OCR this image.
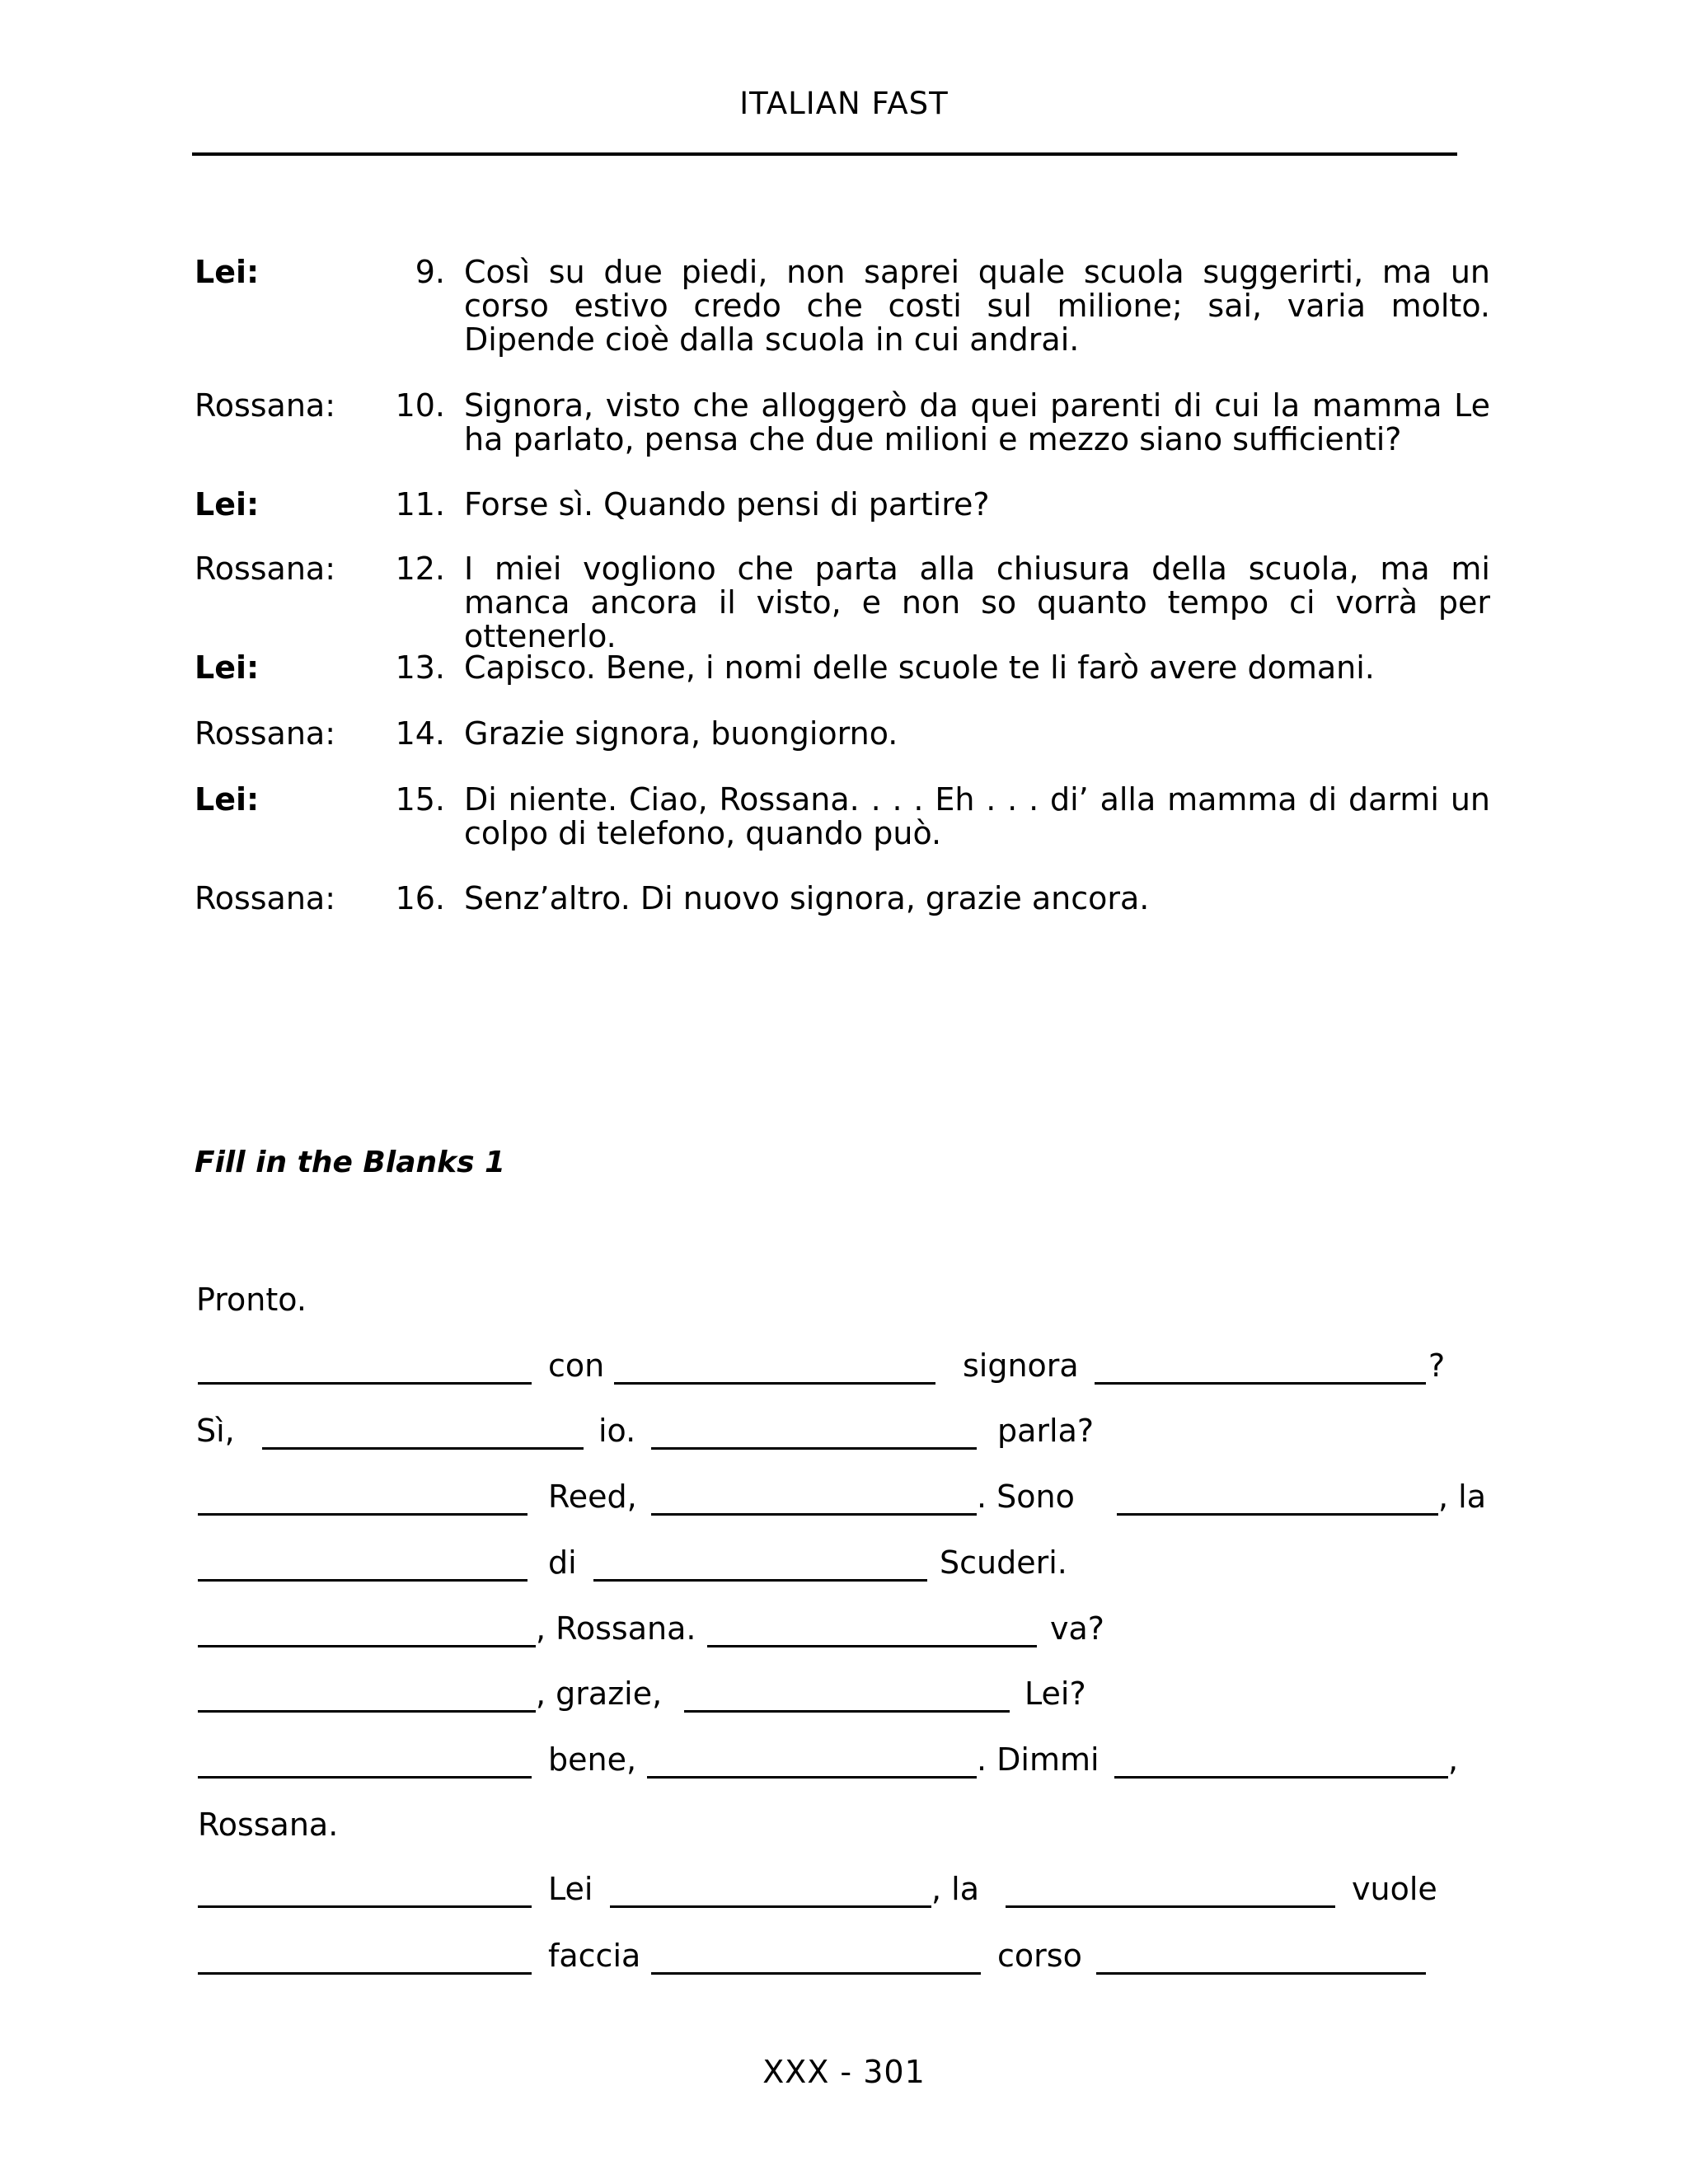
ITALIAN FAST
Lei:	9. Così su due piedi, non saprei quale scuola suggerirti, ma un corso estivo credo che costi sul milione; sai, varia molto. Dipende cioè dalla scuola in cui andrai.
Rossana:	10. Signora, visto che alloggerò da quei parenti di cui la mamma Le ha parlato, pensa che due milioni e mezzo siano sufficienti?
Lei:	11. Forse sì. Quando pensi di partire?
Rossana:	12. I miei vogliono che parta alla chiusura della scuola, ma mi manca ancora il visto, e non so quanto tempo ci vorrà per ottenerlo.
Lei:	13. Capisco. Bene, i nomi delle scuole te li farò avere domani.
Rossana:	14. Grazie signora, buongiorno.
Lei:	15. Di niente. Ciao, Rossana. . . . Eh . . . di’ alla mamma di darmi un colpo di telefono, quando può.
Rossana:	16. Senz’altro. Di nuovo signora, grazie ancora.
Fill in the Blanks 1
Pronto.
con	signora	?
Sì,	io.	parla?
Reed,	. Sono	, la
di	Scuderi.
, Rossana.	va?
, grazie,	Lei?
bene,	. Dimmi	,
Rossana.
Lei	, la	vuole
faccia	corso
XXX - 301
